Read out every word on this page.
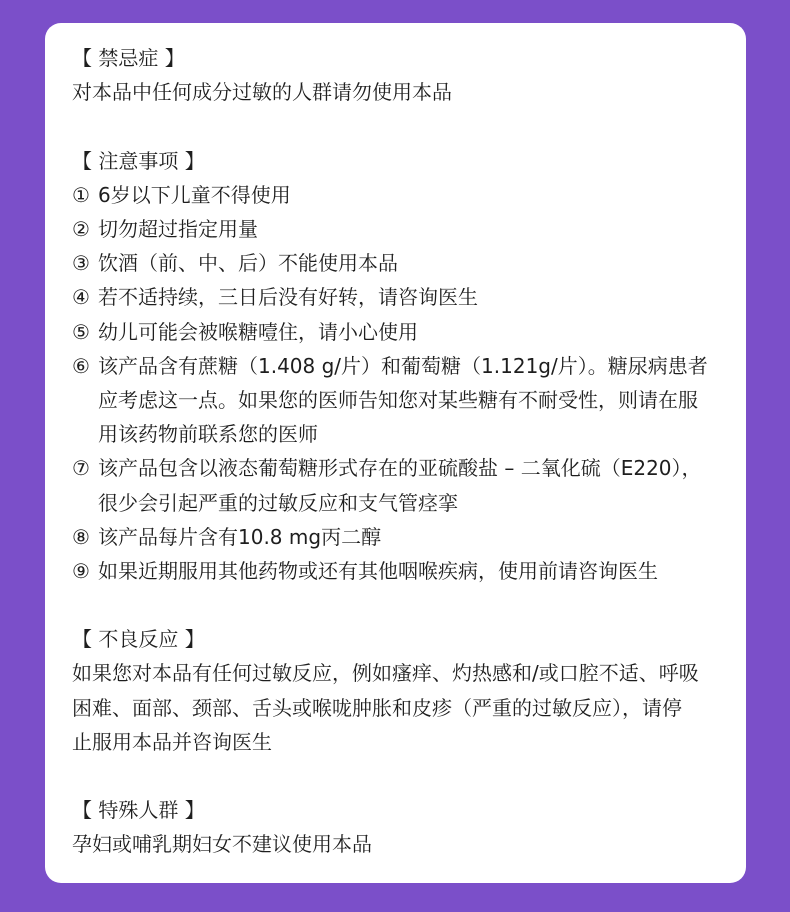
【 禁忌症 】
对本品中任何成分过敏的人群请勿使用本品
【 注意事项 】
① 6岁以下儿童不得使用
② 切勿超过指定用量
③ 饮酒（前、中、后）不能使用本品
④ 若不适持续，三日后没有好转，请咨询医生
⑤ 幼儿可能会被喉糖噎住，请小心使用
⑥ 该产品含有蔗糖（1.408 g/片）和葡萄糖（1.121g/片）。糖尿病患者
应考虑这一点。如果您的医师告知您对某些糖有不耐受性，则请在服
用该药物前联系您的医师
⑦ 该产品包含以液态葡萄糖形式存在的亚硫酸盐 – 二氧化硫（E220），
很少会引起严重的过敏反应和支气管痉挛
⑧ 该产品每片含有10.8 mg丙二醇
⑨ 如果近期服用其他药物或还有其他咽喉疾病，使用前请咨询医生
【 不良反应 】
如果您对本品有任何过敏反应，例如瘙痒、灼热感和/或口腔不适、呼吸
困难、面部、颈部、舌头或喉咙肿胀和皮疹（严重的过敏反应），请停
止服用本品并咨询医生
【 特殊人群 】
孕妇或哺乳期妇女不建议使用本品
